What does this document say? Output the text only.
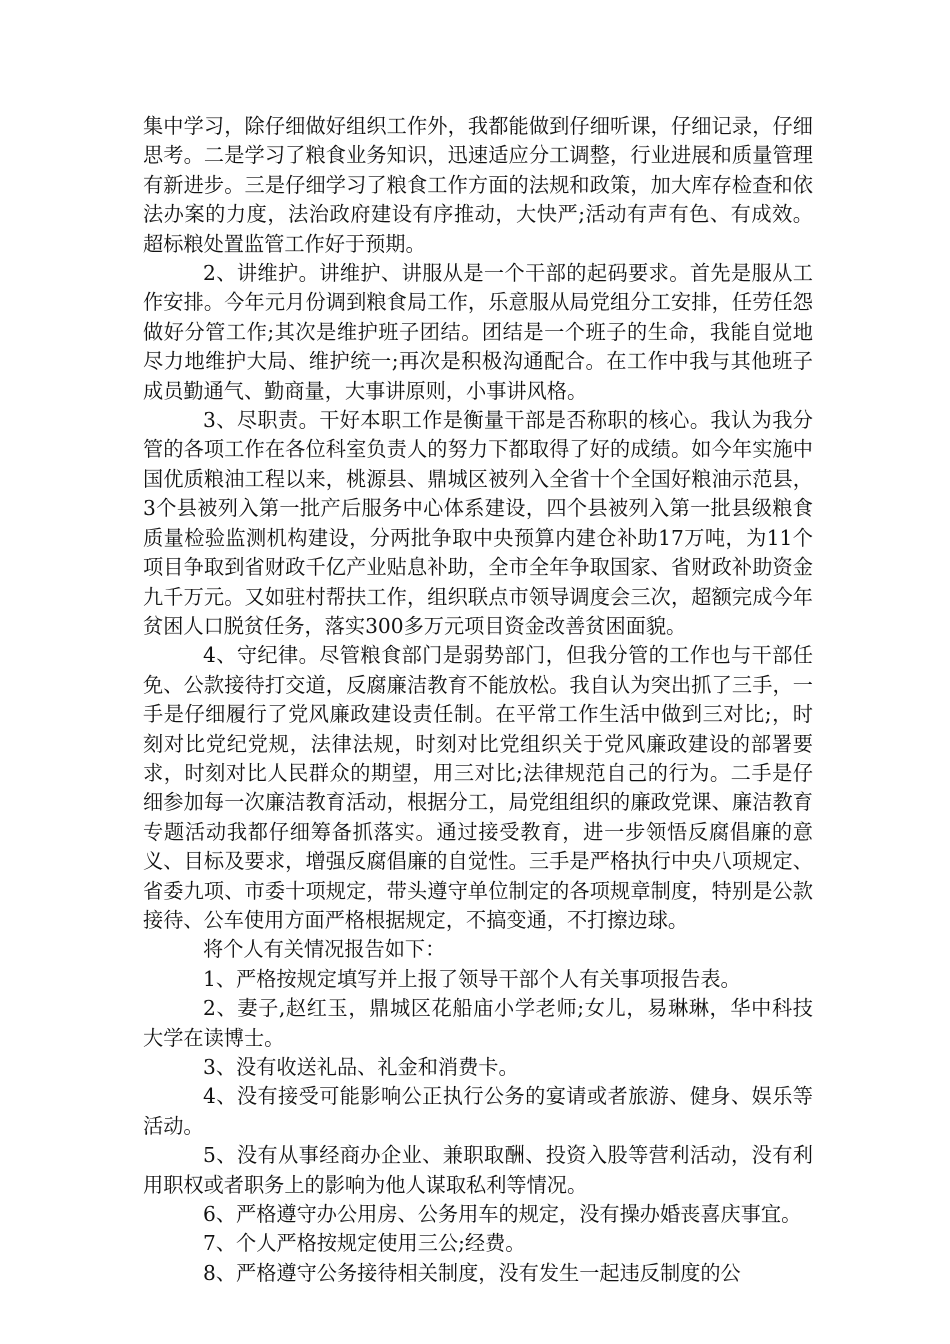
集中学习，除仔细做好组织工作外，我都能做到仔细听课，仔细记录，仔细思考。二是学习了粮食业务知识，迅速适应分工调整，行业进展和质量管理有新进步。三是仔细学习了粮食工作方面的法规和政策，加大库存检查和依法办案的力度，法治政府建设有序推动，大快严;活动有声有色、有成效。超标粮处置监管工作好于预期。

2、讲维护。讲维护、讲服从是一个干部的起码要求。首先是服从工作安排。今年元月份调到粮食局工作，乐意服从局党组分工安排，任劳任怨做好分管工作;其次是维护班子团结。团结是一个班子的生命，我能自觉地尽力地维护大局、维护统一;再次是积极沟通配合。在工作中我与其他班子成员勤通气、勤商量，大事讲原则，小事讲风格。

3、尽职责。干好本职工作是衡量干部是否称职的核心。我认为我分管的各项工作在各位科室负责人的努力下都取得了好的成绩。如今年实施中国优质粮油工程以来，桃源县、鼎城区被列入全省十个全国好粮油示范县，3个县被列入第一批产后服务中心体系建设，四个县被列入第一批县级粮食质量检验监测机构建设，分两批争取中央预算内建仓补助17万吨，为11个项目争取到省财政千亿产业贴息补助，全市全年争取国家、省财政补助资金九千万元。又如驻村帮扶工作，组织联点市领导调度会三次，超额完成今年贫困人口脱贫任务，落实300多万元项目资金改善贫困面貌。

4、守纪律。尽管粮食部门是弱势部门，但我分管的工作也与干部任免、公款接待打交道，反腐廉洁教育不能放松。我自认为突出抓了三手，一手是仔细履行了党风廉政建设责任制。在平常工作生活中做到三对比;，时刻对比党纪党规，法律法规，时刻对比党组织关于党风廉政建设的部署要求，时刻对比人民群众的期望，用三对比;法律规范自己的行为。二手是仔细参加每一次廉洁教育活动，根据分工，局党组组织的廉政党课、廉洁教育专题活动我都仔细筹备抓落实。通过接受教育，进一步领悟反腐倡廉的意义、目标及要求，增强反腐倡廉的自觉性。三手是严格执行中央八项规定、省委九项、市委十项规定，带头遵守单位制定的各项规章制度，特别是公款接待、公车使用方面严格根据规定，不搞变通，不打擦边球。

将个人有关情况报告如下：

1、严格按规定填写并上报了领导干部个人有关事项报告表。

2、妻子,赵红玉，鼎城区花船庙小学老师;女儿，易琳琳，华中科技大学在读博士。

3、没有收送礼品、礼金和消费卡。

4、没有接受可能影响公正执行公务的宴请或者旅游、健身、娱乐等活动。

5、没有从事经商办企业、兼职取酬、投资入股等营利活动，没有利用职权或者职务上的影响为他人谋取私利等情况。

6、严格遵守办公用房、公务用车的规定，没有操办婚丧喜庆事宜。

7、个人严格按规定使用三公;经费。

8、严格遵守公务接待相关制度，没有发生一起违反制度的公
